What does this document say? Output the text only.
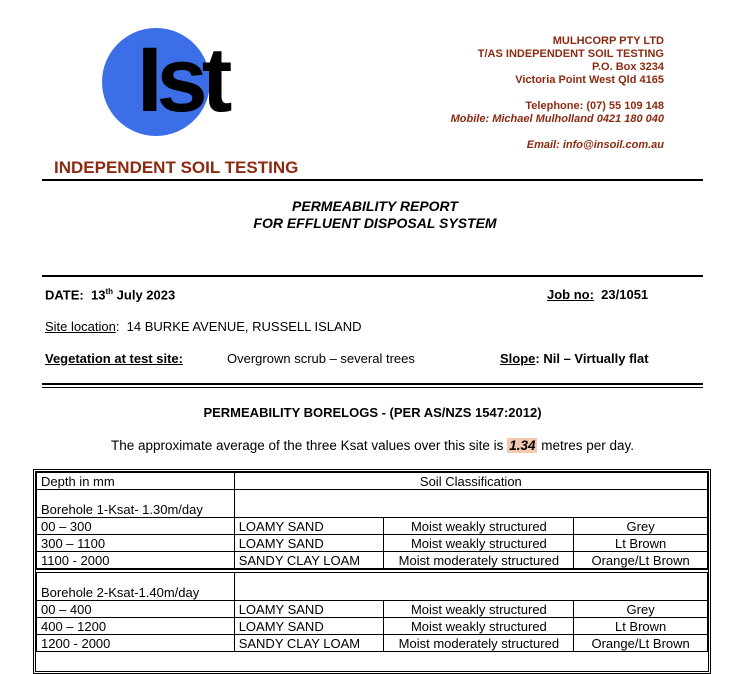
Ist	MULHCORP PTY LTD
T/AS INDEPENDENT SOIL TESTING
P.O. Box 3234
Victoria Point West Qld 4165
Telephone: (07) 55 109 148
Mobile: Michael Mulholland 0421 180 040
Email: info@insoil.com.au
INDEPENDENT SOIL TESTING
PERMEABILITY REPORT
FOR EFFLUENT DISPOSAL SYSTEM
DATE: 13th July 2023	Job no: 23/1051
Site location:  14 BURKE AVENUE, RUSSELL ISLAND
Vegetation at test site:	Overgrown scrub – several trees	Slope: Nil – Virtually flat
PERMEABILITY BORELOGS - (PER AS/NZS 1547:2012)
The approximate average of the three Ksat values over this site is 1.34 metres per day.
Depth in mm	Soil Classification		

Borehole 1-Ksat- 1.30m/day			
00 – 300	LOAMY SAND	Moist weakly structured	Grey
300 – 1100	LOAMY SAND	Moist weakly structured	Lt Brown
1100 - 2000	SANDY CLAY LOAM	Moist moderately structured	Orange/Lt Brown

Borehole 2-Ksat-1.40m/day			
00 – 400	LOAMY SAND	Moist weakly structured	Grey
400 – 1200	LOAMY SAND	Moist weakly structured	Lt Brown
1200 - 2000	SANDY CLAY LOAM	Moist moderately structured	Orange/Lt Brown
